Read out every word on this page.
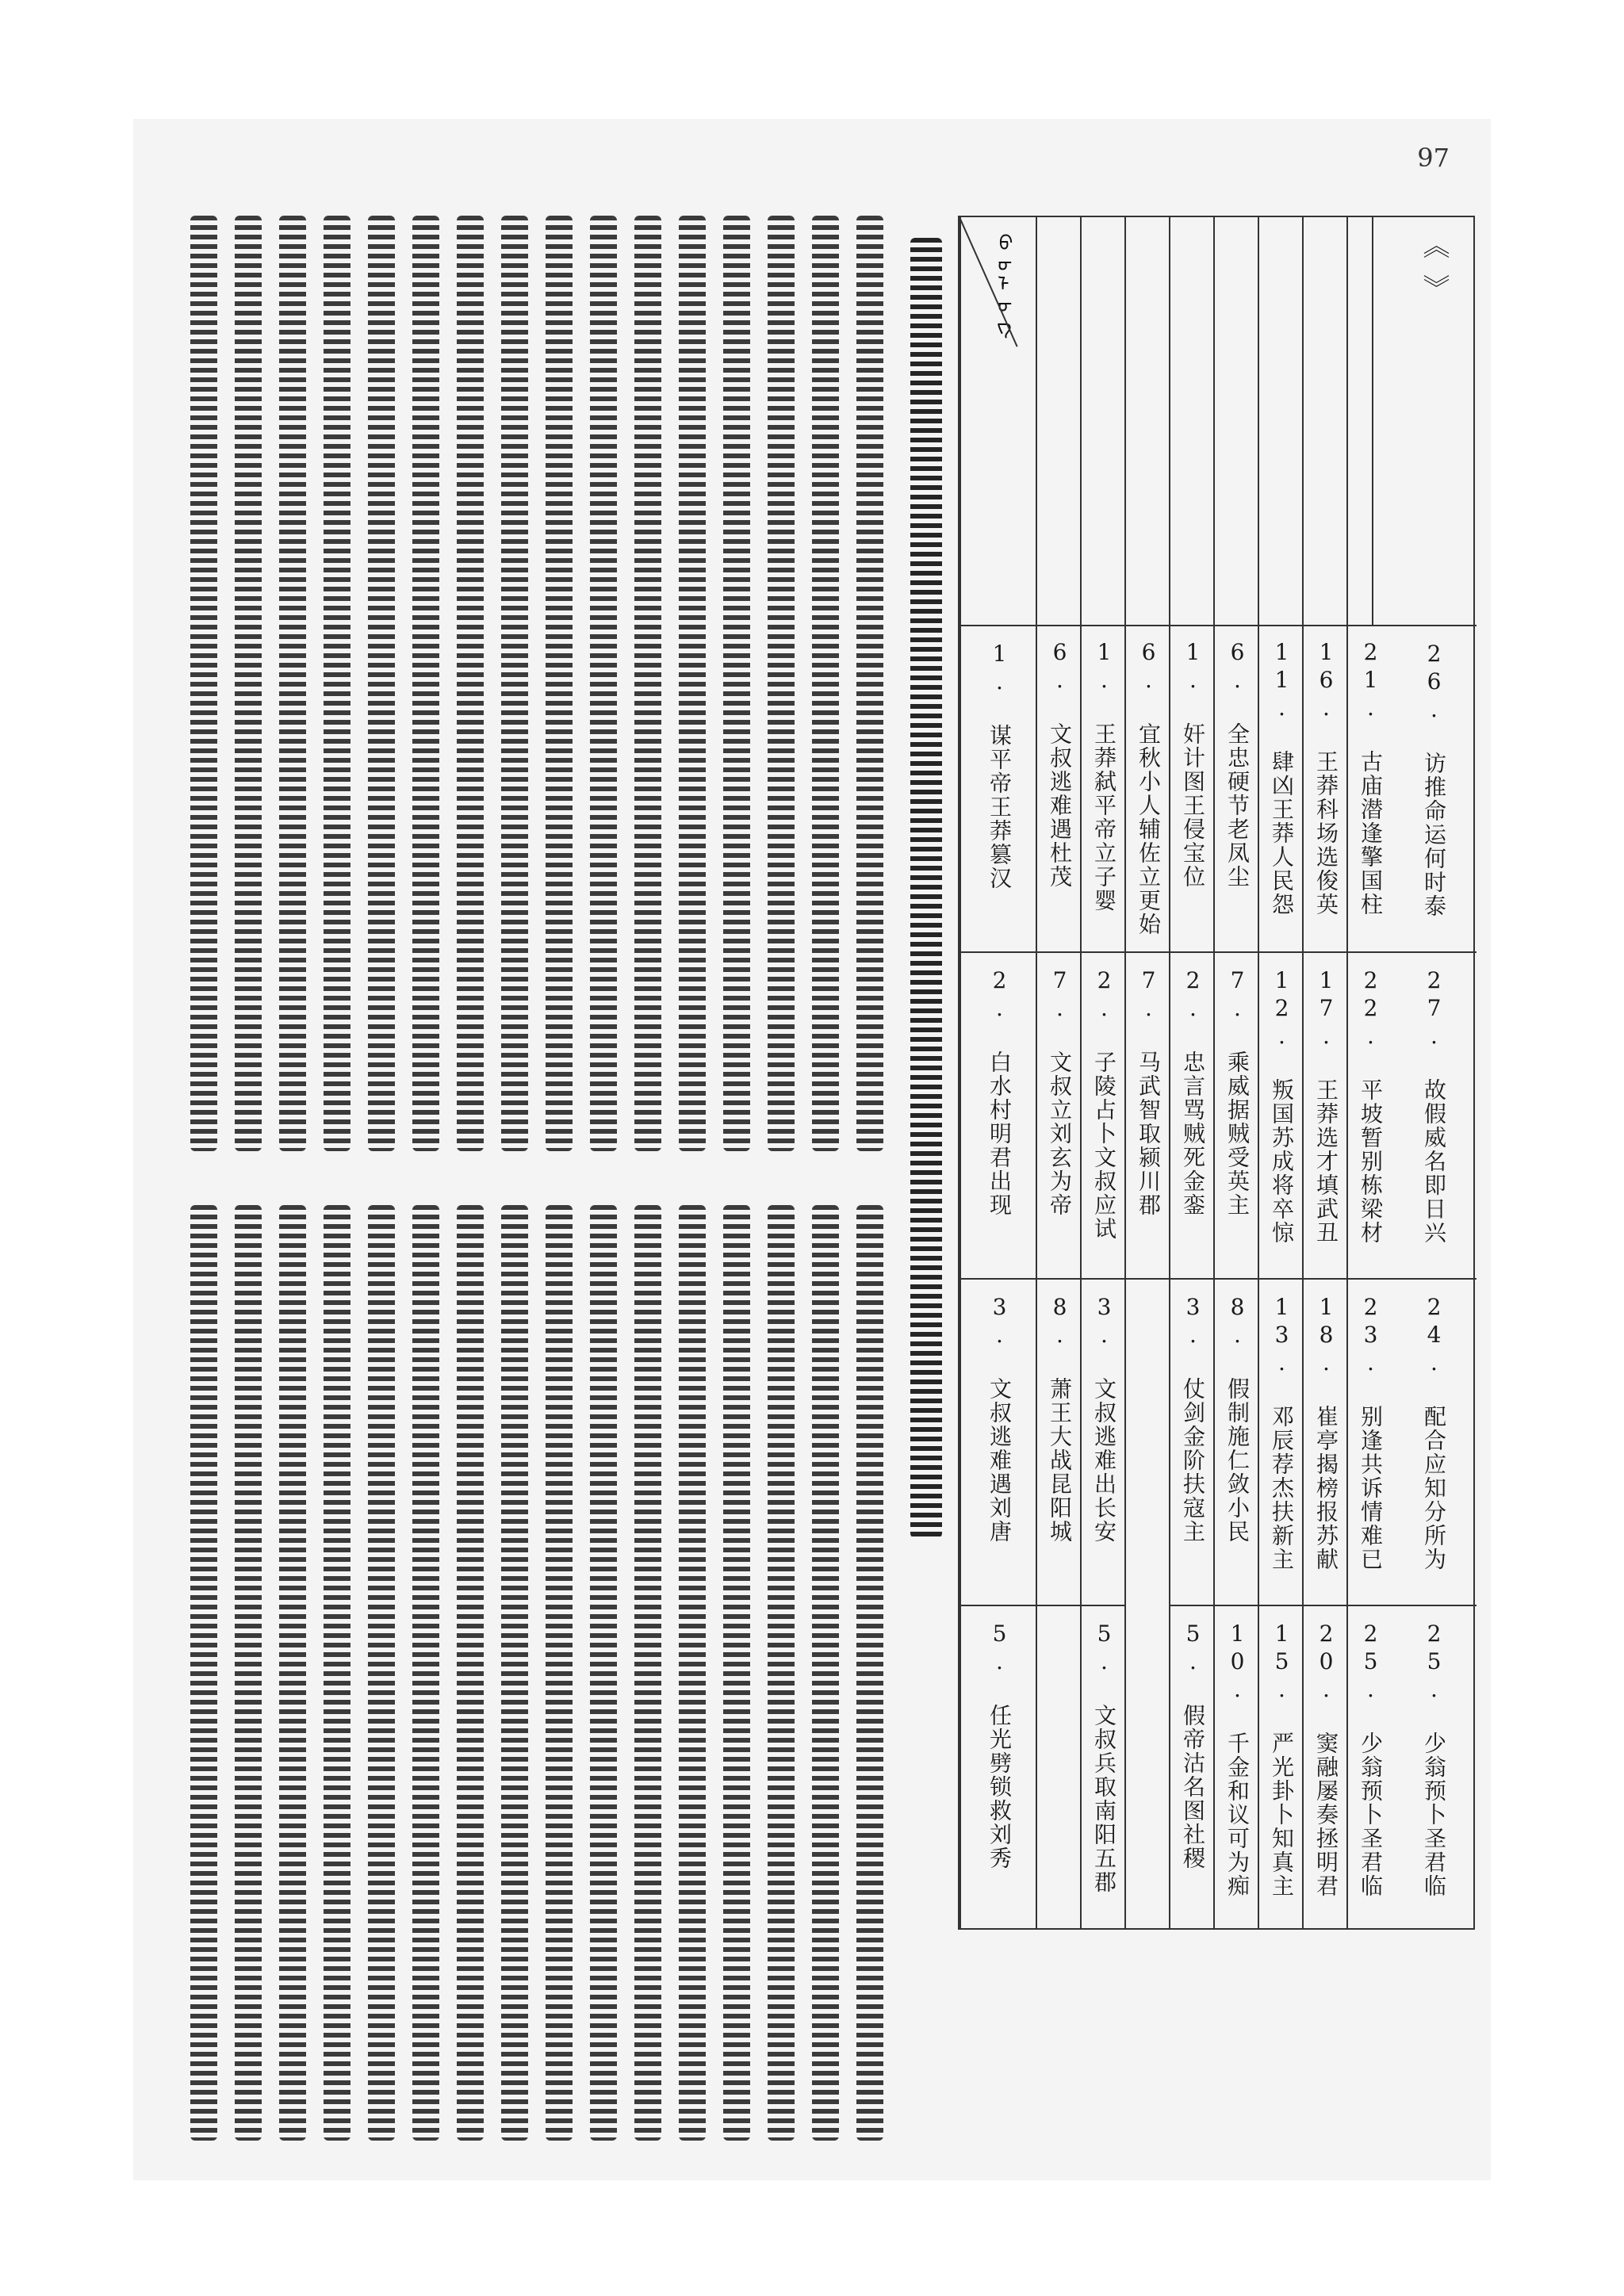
97
《
》
26. 访推命运何时泰
27. 故假威名即日兴
24. 配合应知分所为
25. 少翁预卜圣君临
21. 古庙潜逢擎国柱
22. 平坡暂别栋梁材
23. 别逢共诉情难已
25. 少翁预卜圣君临
16. 王莽科场选俊英
17. 王莽选才填武丑
18. 崔亭揭榜报苏献
20. 窦融屡奏拯明君
11. 肆凶王莽人民怨
12. 叛国苏成将卒惊
13. 邓辰荐杰扶新主
15. 严光卦卜知真主
6. 全忠硬节老凤尘
7. 乘威据贼受英主
8. 假制施仁敛小民
10. 千金和议可为痴
1. 奸计图王侵宝位
2. 忠言骂贼死金銮
3. 仗剑金阶扶寇主
5. 假帝沽名图社稷
6. 宜秋小人辅佐立更始
7. 马武智取颍川郡
1. 王莽弑平帝立子婴
2. 子陵占卜文叔应试
3. 文叔逃难出长安
5. 文叔兵取南阳五郡
6. 文叔逃难遇杜茂
7. 文叔立刘玄为帝
8. 萧王大战昆阳城
ᠪᠦᠯᠦᠭ
1. 谋平帝王莽篡汉
2. 白水村明君出现
3. 文叔逃难遇刘唐
5. 任光劈锁救刘秀
